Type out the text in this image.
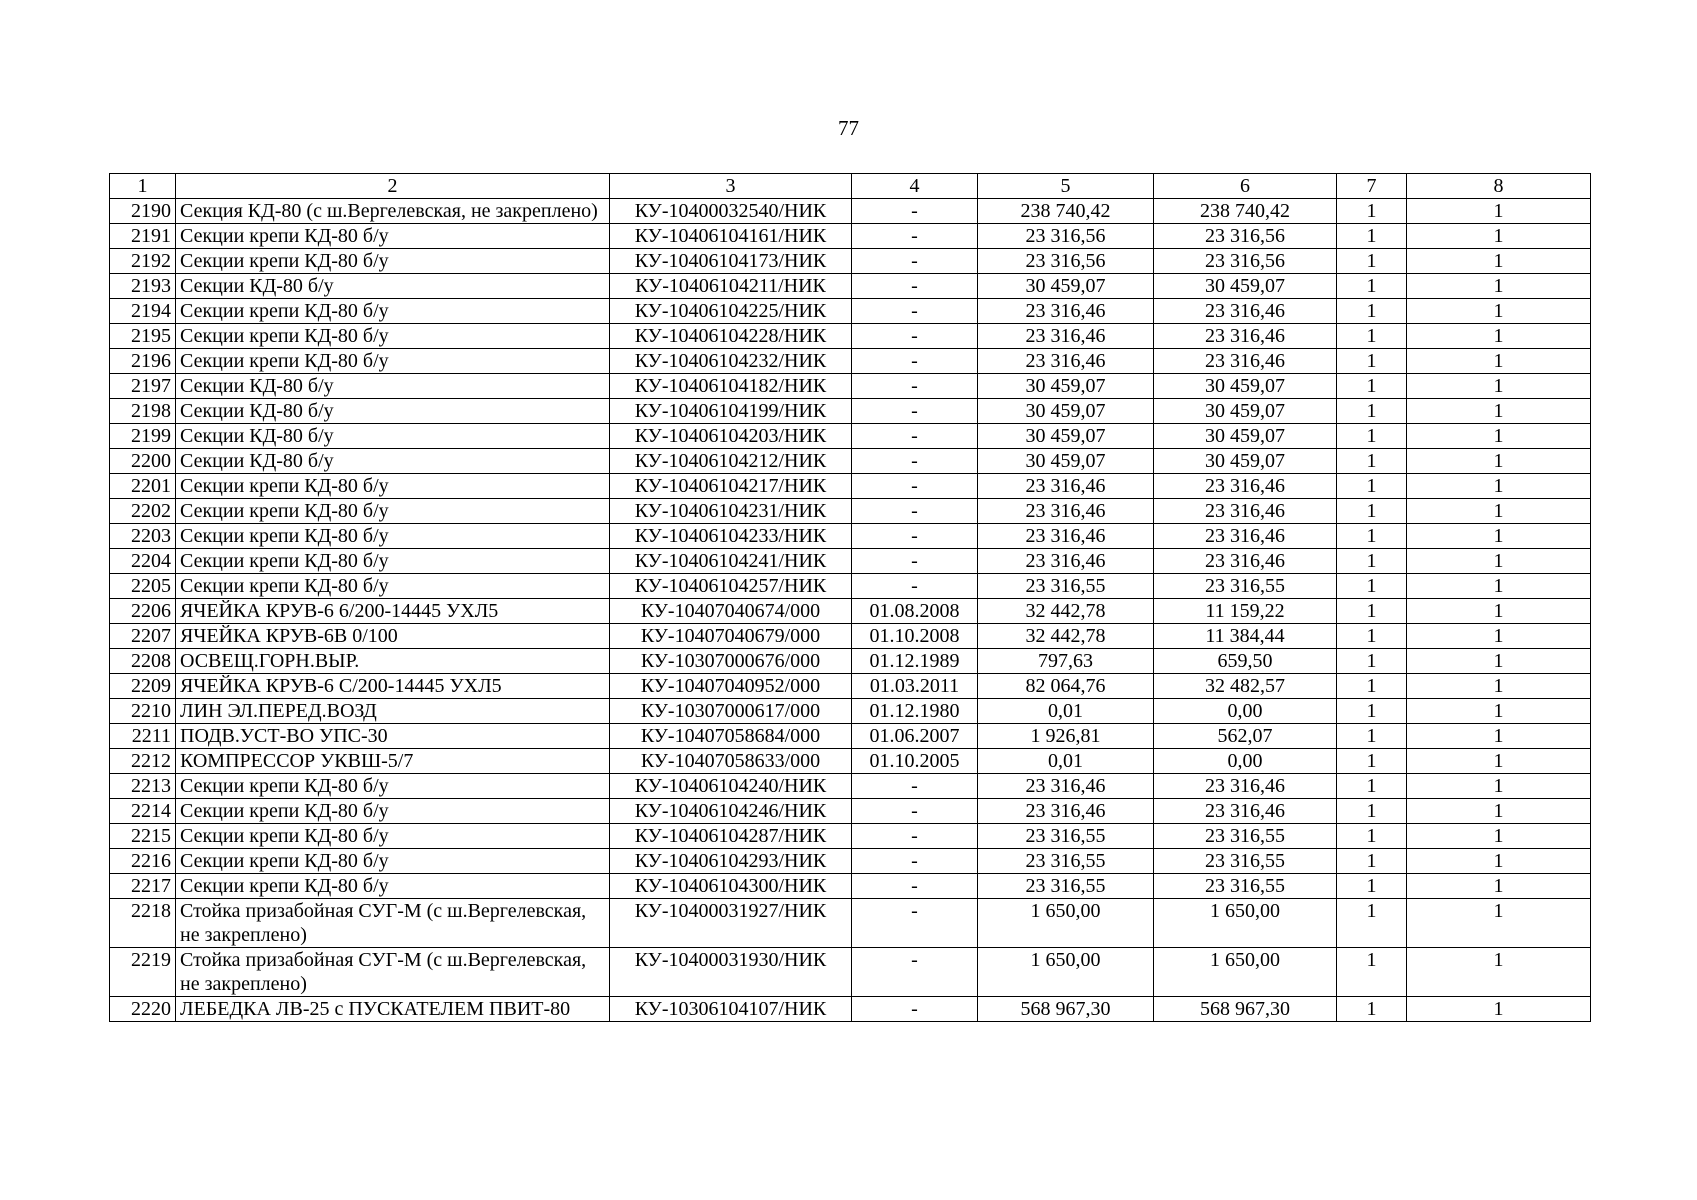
77
1	2	3	4	5	6	7	8
2190	Секция КД-80 (с ш.Вергелевская, не закреплено)	КУ-10400032540/НИК	-	238 740,42	238 740,42	1	1
2191	Секции крепи КД-80 б/у	КУ-10406104161/НИК	-	23 316,56	23 316,56	1	1
2192	Секции крепи КД-80 б/у	КУ-10406104173/НИК	-	23 316,56	23 316,56	1	1
2193	Секции КД-80 б/у	КУ-10406104211/НИК	-	30 459,07	30 459,07	1	1
2194	Секции крепи КД-80 б/у	КУ-10406104225/НИК	-	23 316,46	23 316,46	1	1
2195	Секции крепи КД-80 б/у	КУ-10406104228/НИК	-	23 316,46	23 316,46	1	1
2196	Секции крепи КД-80 б/у	КУ-10406104232/НИК	-	23 316,46	23 316,46	1	1
2197	Секции КД-80 б/у	КУ-10406104182/НИК	-	30 459,07	30 459,07	1	1
2198	Секции КД-80 б/у	КУ-10406104199/НИК	-	30 459,07	30 459,07	1	1
2199	Секции КД-80 б/у	КУ-10406104203/НИК	-	30 459,07	30 459,07	1	1
2200	Секции КД-80 б/у	КУ-10406104212/НИК	-	30 459,07	30 459,07	1	1
2201	Секции крепи КД-80 б/у	КУ-10406104217/НИК	-	23 316,46	23 316,46	1	1
2202	Секции крепи КД-80 б/у	КУ-10406104231/НИК	-	23 316,46	23 316,46	1	1
2203	Секции крепи КД-80 б/у	КУ-10406104233/НИК	-	23 316,46	23 316,46	1	1
2204	Секции крепи КД-80 б/у	КУ-10406104241/НИК	-	23 316,46	23 316,46	1	1
2205	Секции крепи КД-80 б/у	КУ-10406104257/НИК	-	23 316,55	23 316,55	1	1
2206	ЯЧЕЙКА КРУВ-6 6/200-14445 УХЛ5	КУ-10407040674/000	01.08.2008	32 442,78	11 159,22	1	1
2207	ЯЧЕЙКА КРУВ-6В 0/100	КУ-10407040679/000	01.10.2008	32 442,78	11 384,44	1	1
2208	ОСВЕЩ.ГОРН.ВЫР.	КУ-10307000676/000	01.12.1989	797,63	659,50	1	1
2209	ЯЧЕЙКА КРУВ-6 С/200-14445 УХЛ5	КУ-10407040952/000	01.03.2011	82 064,76	32 482,57	1	1
2210	ЛИН ЭЛ.ПЕРЕД.ВОЗД	КУ-10307000617/000	01.12.1980	0,01	0,00	1	1
2211	ПОДВ.УСТ-ВО УПС-30	КУ-10407058684/000	01.06.2007	1 926,81	562,07	1	1
2212	КОМПРЕССОР УКВШ-5/7	КУ-10407058633/000	01.10.2005	0,01	0,00	1	1
2213	Секции крепи КД-80 б/у	КУ-10406104240/НИК	-	23 316,46	23 316,46	1	1
2214	Секции крепи КД-80 б/у	КУ-10406104246/НИК	-	23 316,46	23 316,46	1	1
2215	Секции крепи КД-80 б/у	КУ-10406104287/НИК	-	23 316,55	23 316,55	1	1
2216	Секции крепи КД-80 б/у	КУ-10406104293/НИК	-	23 316,55	23 316,55	1	1
2217	Секции крепи КД-80 б/у	КУ-10406104300/НИК	-	23 316,55	23 316,55	1	1
2218	Стойка призабойная СУГ-М (с ш.Вергелевская, не закреплено)	КУ-10400031927/НИК	-	1 650,00	1 650,00	1	1
2219	Стойка призабойная СУГ-М (с ш.Вергелевская, не закреплено)	КУ-10400031930/НИК	-	1 650,00	1 650,00	1	1
2220	ЛЕБЕДКА ЛВ-25 с ПУСКАТЕЛЕМ ПВИТ-80	КУ-10306104107/НИК	-	568 967,30	568 967,30	1	1
